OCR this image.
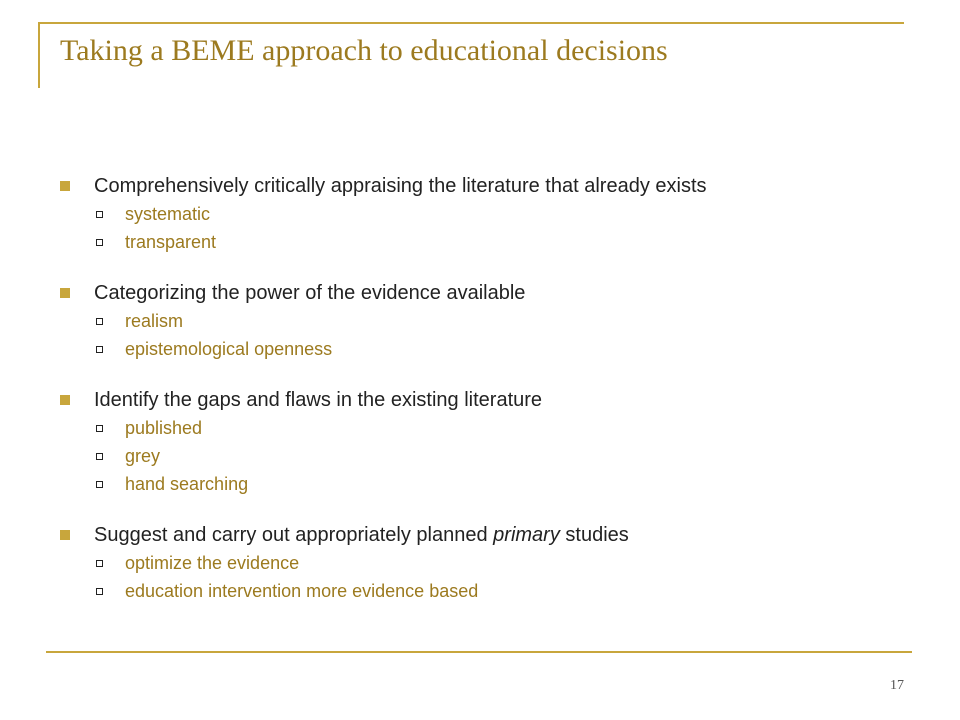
Taking a BEME approach to educational decisions
Comprehensively critically appraising the literature that already exists
systematic
transparent
Categorizing the power of the evidence available
realism
epistemological openness
Identify the gaps and flaws in the existing literature
published
grey
hand searching
Suggest and carry out appropriately planned primary studies
optimize the evidence
education intervention more evidence based
17
